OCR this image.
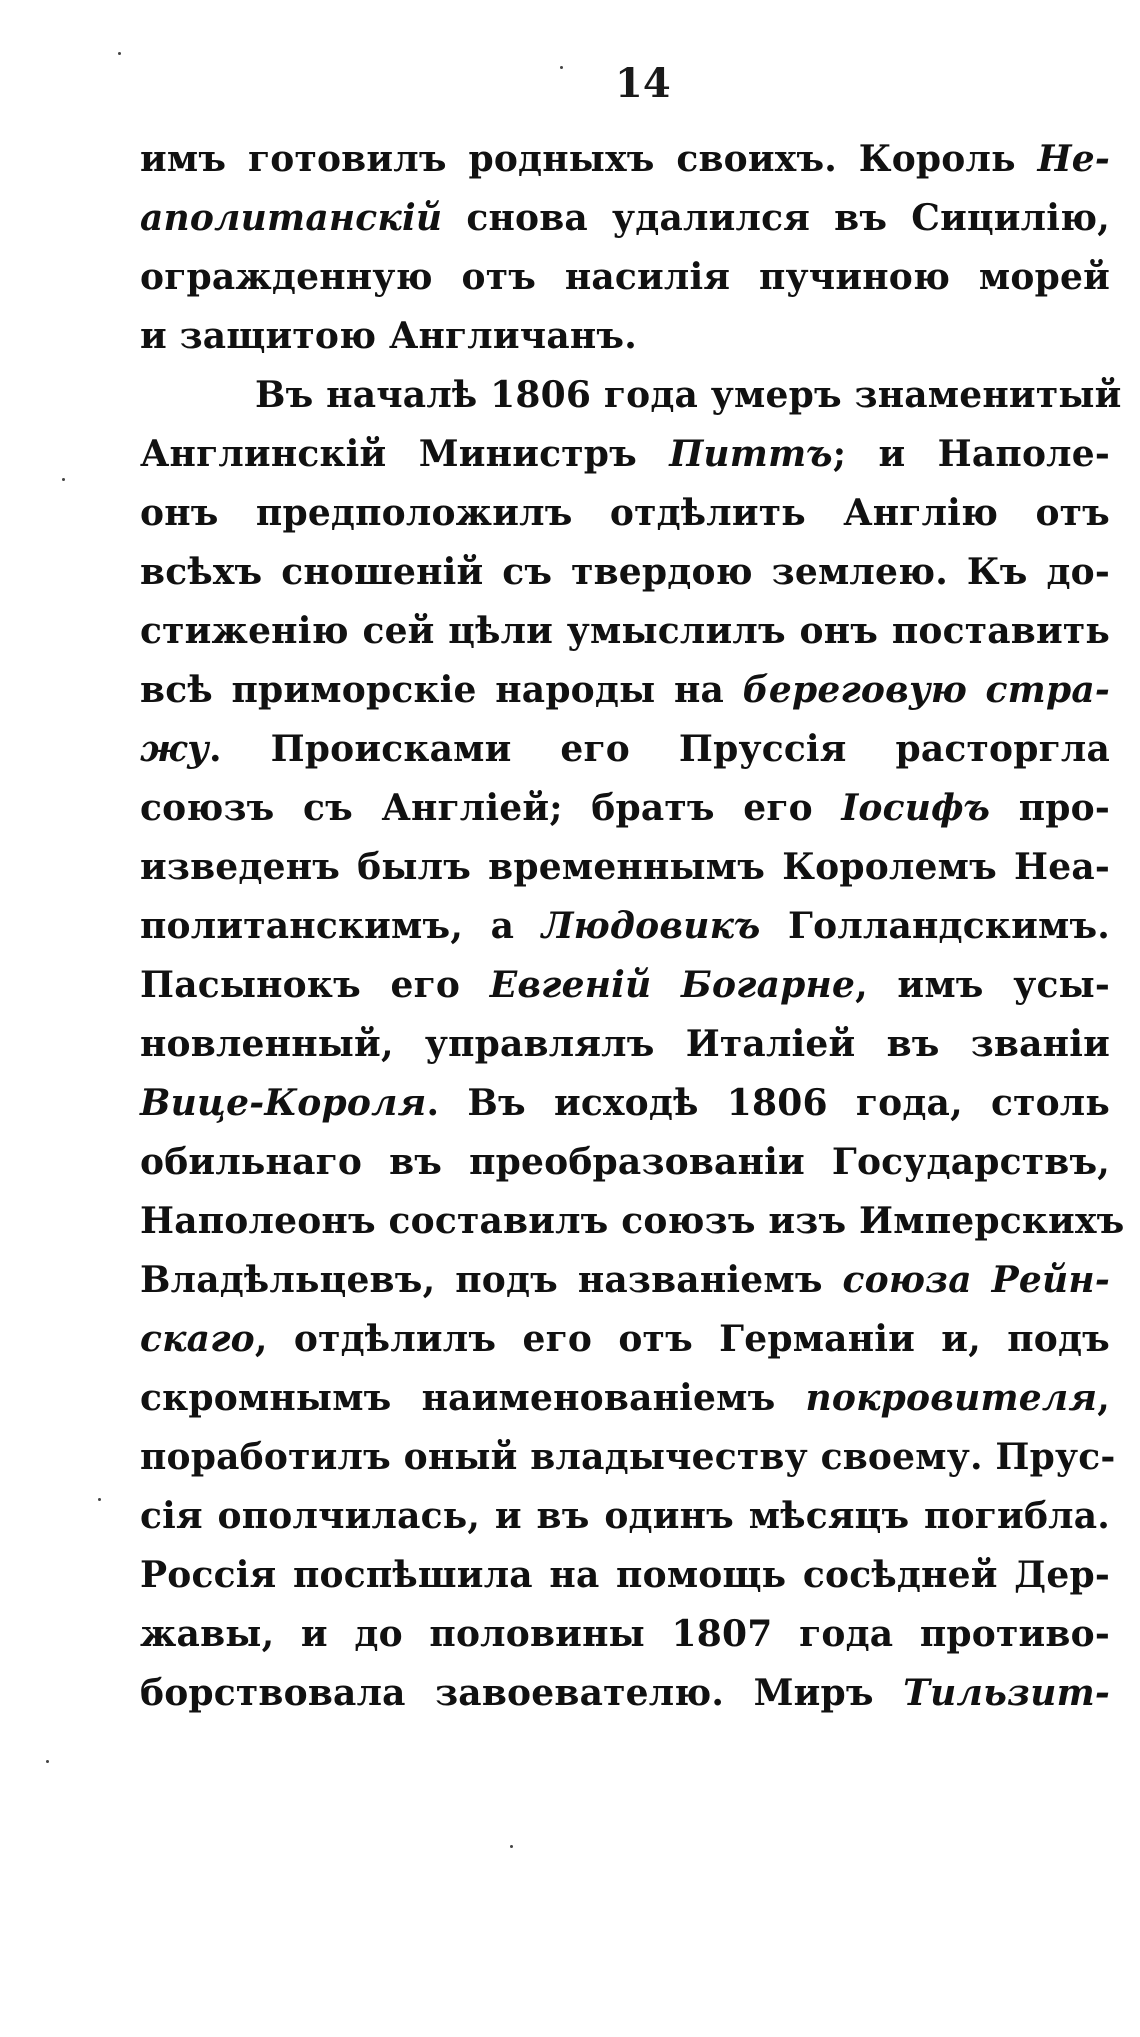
14
имъ готовилъ родныхъ своихъ. Король Не-
аполитанскій снова удалился въ Сицилію,
огражденную отъ насилія пучиною морей
и защитою Англичанъ.
Въ началѣ 1806 года умеръ знаменитый
Англинскій Министръ Питтъ; и Наполе-
онъ предположилъ отдѣлить Англію отъ
всѣхъ сношеній съ твердою землею. Къ до-
стиженію сей цѣли умыслилъ онъ поставить
всѣ приморскіе народы на береговую стра-
жу. Происками его Пруссія расторгла
союзъ съ Англіей; братъ его Іосифъ про-
изведенъ былъ временнымъ Королемъ Неа-
политанскимъ, а Людовикъ Голландскимъ.
Пасынокъ его Евгеній Богарне, имъ усы-
новленный, управлялъ Италіей въ званіи
Вице-Короля. Въ исходѣ 1806 года, столь
обильнаго въ преобразованіи Государствъ,
Наполеонъ составилъ союзъ изъ Имперскихъ
Владѣльцевъ, подъ названіемъ союза Рейн-
скаго, отдѣлилъ его отъ Германіи и, подъ
скромнымъ наименованіемъ покровителя,
поработилъ оный владычеству своему. Прус-
сія ополчилась, и въ одинъ мѣсяцъ погибла.
Россія поспѣшила на помощь сосѣдней Дер-
жавы, и до половины 1807 года противо-
борствовала завоевателю. Миръ Тильзит-
